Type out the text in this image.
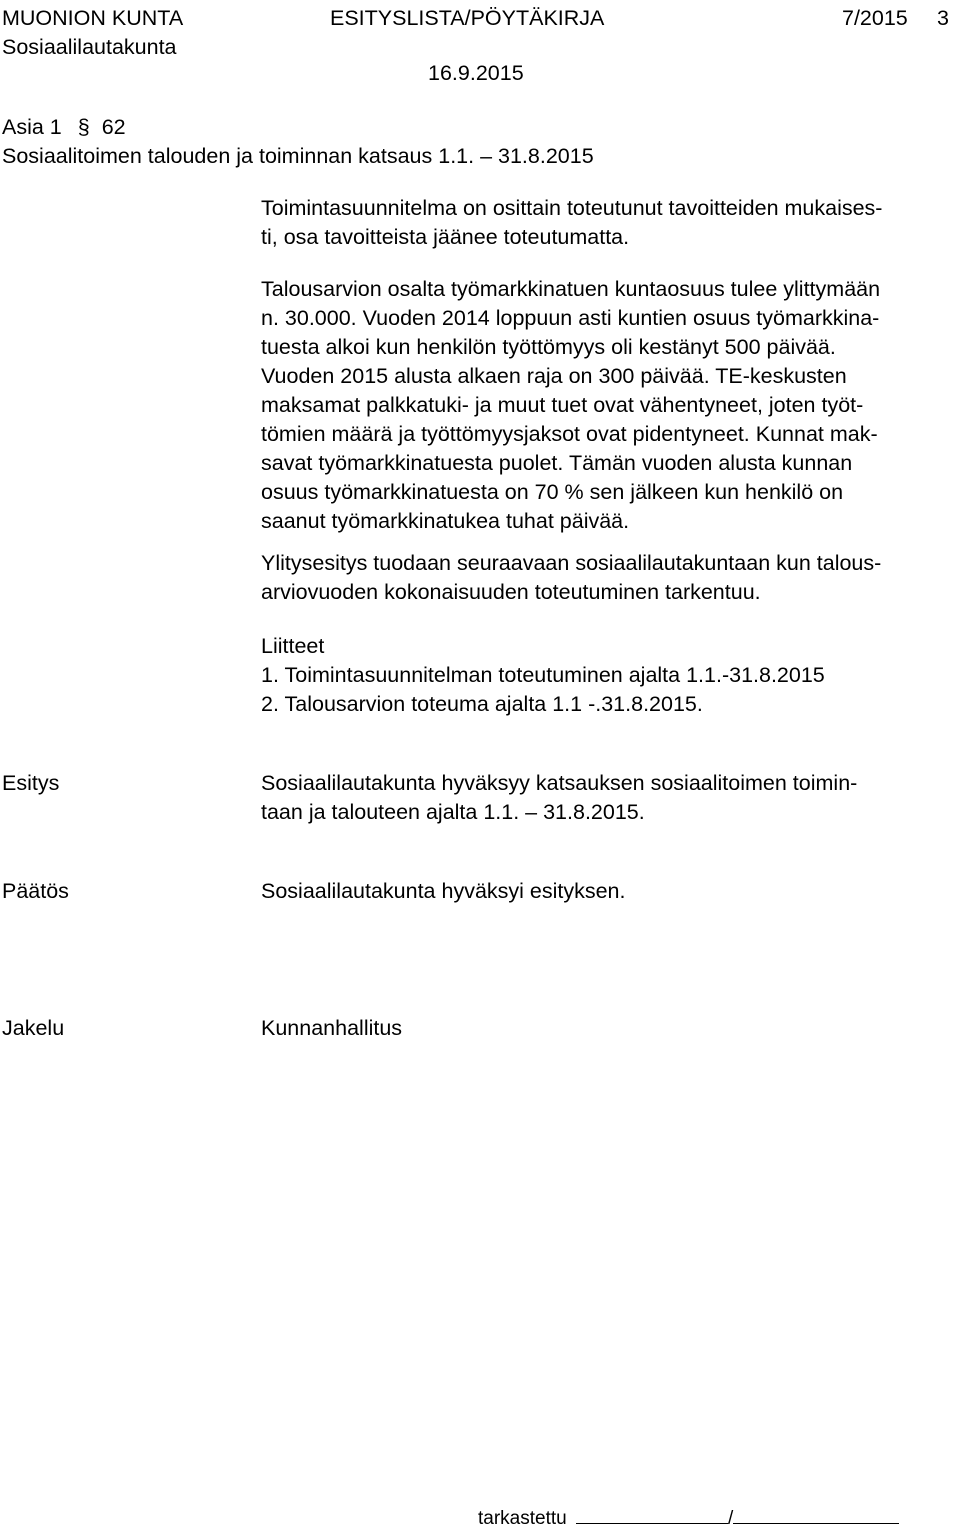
MUONION KUNTA	ESITYSLISTA/PÖYTÄKIRJA	7/2015 3
Sosiaalilautakunta
16.9.2015
Asia 1 § 62
Sosiaalitoimen talouden ja toiminnan katsaus 1.1. – 31.8.2015
Toimintasuunnitelma on osittain toteutunut tavoitteiden mukaises-
ti, osa tavoitteista jäänee toteutumatta.
Talousarvion osalta työmarkkinatuen kuntaosuus tulee ylittymään
n. 30.000. Vuoden 2014 loppuun asti kuntien osuus työmarkkina-
tuesta alkoi kun henkilön työttömyys oli kestänyt 500 päivää.
Vuoden 2015 alusta alkaen raja on 300 päivää. TE-keskusten
maksamat palkkatuki- ja muut tuet ovat vähentyneet, joten työt-
tömien määrä ja työttömyysjaksot ovat pidentyneet. Kunnat mak-
savat työmarkkinatuesta puolet. Tämän vuoden alusta kunnan
osuus työmarkkinatuesta on 70 % sen jälkeen kun henkilö on
saanut työmarkkinatukea tuhat päivää.
Ylitysesitys tuodaan seuraavaan sosiaalilautakuntaan kun talous-
arviovuoden kokonaisuuden toteutuminen tarkentuu.
Liitteet
1. Toimintasuunnitelman toteutuminen ajalta 1.1.-31.8.2015
2. Talousarvion toteuma ajalta 1.1 -.31.8.2015.
Esitys	Sosiaalilautakunta hyväksyy katsauksen sosiaalitoimen toimin-
taan ja talouteen ajalta 1.1. – 31.8.2015.
Päätös	Sosiaalilautakunta hyväksyi esityksen.
Jakelu	Kunnanhallitus
tarkastettu	/
